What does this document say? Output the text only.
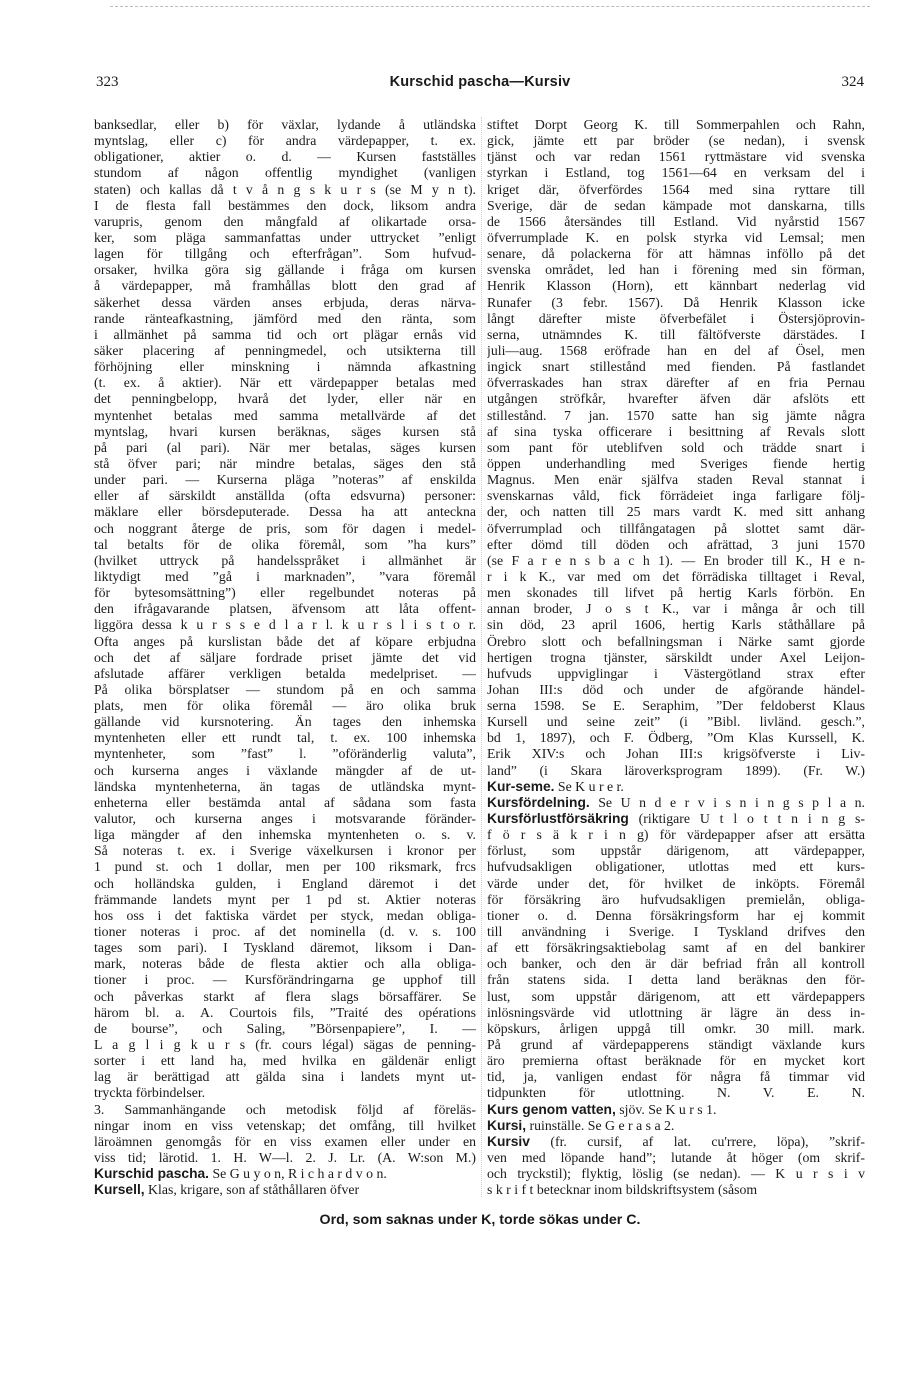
323	Kurschid pascha—Kursiv	324
banksedlar, eller b) för växlar, lydande å utländska
myntslag, eller c) för andra värdepapper, t. ex.
obligationer, aktier o. d. — Kursen fastställes
stundom af någon offentlig myndighet (vanligen
staten) och kallas då t v å n g s k u r s (se M y n t).
I de flesta fall bestämmes den dock, liksom andra
varupris, genom den mångfald af olikartade orsa-
ker, som pläga sammanfattas under uttrycket ”enligt
lagen för tillgång och efterfrågan”. Som hufvud-
orsaker, hvilka göra sig gällande i fråga om kursen
å värdepapper, må framhållas blott den grad af
säkerhet dessa värden anses erbjuda, deras närva-
rande ränteafkastning, jämförd med den ränta, som
i allmänhet på samma tid och ort plägar ernås vid
säker placering af penningmedel, och utsikterna till
förhöjning eller minskning i nämnda afkastning
(t. ex. å aktier). När ett värdepapper betalas med
det penningbelopp, hvarå det lyder, eller när en
myntenhet betalas med samma metallvärde af det
myntslag, hvari kursen beräknas, säges kursen stå
på pari (al pari). När mer betalas, säges kursen
stå öfver pari; när mindre betalas, säges den stå
under pari. — Kurserna pläga ”noteras” af enskilda
eller af särskildt anställda (ofta edsvurna) personer:
mäklare eller börsdeputerade. Dessa ha att anteckna
och noggrant återge de pris, som för dagen i medel-
tal betalts för de olika föremål, som ”ha kurs”
(hvilket uttryck på handelsspråket i allmänhet är
liktydigt med ”gå i marknaden”, ”vara föremål
för bytesomsättning”) eller regelbundet noteras på
den ifrågavarande platsen, äfvensom att låta offent-
liggöra dessa k u r s s e d l a r l. k u r s l i s t o r.
Ofta anges på kurslistan både det af köpare erbjudna
och det af säljare fordrade priset jämte det vid
afslutade affärer verkligen betalda medelpriset. —
På olika börsplatser — stundom på en och samma
plats, men för olika föremål — äro olika bruk
gällande vid kursnotering. Än tages den inhemska
myntenheten eller ett rundt tal, t. ex. 100 inhemska
myntenheter, som ”fast” l. ”oföränderlig valuta”,
och kurserna anges i växlande mängder af de ut-
ländska myntenheterna, än tagas de utländska mynt-
enheterna eller bestämda antal af sådana som fasta
valutor, och kurserna anges i motsvarande föränder-
liga mängder af den inhemska myntenheten o. s. v.
Så noteras t. ex. i Sverige växelkursen i kronor per
1 pund st. och 1 dollar, men per 100 riksmark, frcs
och holländska gulden, i England däremot i det
främmande landets mynt per 1 pd st. Aktier noteras
hos oss i det faktiska värdet per styck, medan obliga-
tioner noteras i proc. af det nominella (d. v. s. 100
tages som pari). I Tyskland däremot, liksom i Dan-
mark, noteras både de flesta aktier och alla obliga-
tioner i proc. — Kursförändringarna ge upphof till
och påverkas starkt af flera slags börsaffärer. Se
härom bl. a. A. Courtois fils, ”Traité des opérations
de bourse”, och Saling, ”Börsenpapiere”, I. —
L a g l i g k u r s (fr. cours légal) sägas de penning-
sorter i ett land ha, med hvilka en gäldenär enligt
lag är berättigad att gälda sina i landets mynt ut-
tryckta förbindelser.
3. Sammanhängande och metodisk följd af föreläs-
ningar inom en viss vetenskap; det omfång, till hvilket
läroämnen genomgås för en viss examen eller under en
viss tid; lärotid. 1. H. W—l. 2. J. Lr. (A. W:son M.)
Kurschid pascha. Se G u y o n, R i c h a r d v o n.
Kursell, Klas, krigare, son af ståthållaren öfver
stiftet Dorpt Georg K. till Sommerpahlen och Rahn,
gick, jämte ett par bröder (se nedan), i svensk
tjänst och var redan 1561 ryttmästare vid svenska
styrkan i Estland, tog 1561—64 en verksam del i
kriget där, öfverfördes 1564 med sina ryttare till
Sverige, där de sedan kämpade mot danskarna, tills
de 1566 återsändes till Estland. Vid nyårstid 1567
öfverrumplade K. en polsk styrka vid Lemsal; men
senare, då polackerna för att hämnas inföllo på det
svenska området, led han i förening med sin förman,
Henrik Klasson (Horn), ett kännbart nederlag vid
Runafer (3 febr. 1567). Då Henrik Klasson icke
långt därefter miste öfverbefälet i Östersjöprovin-
serna, utnämndes K. till fältöfverste därstädes. I
juli—aug. 1568 eröfrade han en del af Ösel, men
ingick snart stillestånd med fienden. På fastlandet
öfverraskades han strax därefter af en fria Pernau
utgången ströfkår, hvarefter äfven där afslöts ett
stillestånd. 7 jan. 1570 satte han sig jämte några
af sina tyska officerare i besittning af Revals slott
som pant för uteblifven sold och trädde snart i
öppen underhandling med Sveriges fiende hertig
Magnus. Men enär själfva staden Reval stannat i
svenskarnas våld, fick förrädeiet inga farligare följ-
der, och natten till 25 mars vardt K. med sitt anhang
öfverrumplad och tillfångatagen på slottet samt där-
efter dömd till döden och afrättad, 3 juni 1570
(se F a r e n s b a c h 1). — En broder till K., H e n-
r i k K., var med om det förrädiska tilltaget i Reval,
men skonades till lifvet på hertig Karls förbön. En
annan broder, J o s t K., var i många år och till
sin död, 23 april 1606, hertig Karls ståthållare på
Örebro slott och befallningsman i Närke samt gjorde
hertigen trogna tjänster, särskildt under Axel Leijon-
hufvuds uppviglingar i Västergötland strax efter
Johan III:s död och under de afgörande händel-
serna 1598. Se E. Seraphim, ”Der feldoberst Klaus
Kursell und seine zeit” (i ”Bibl. livländ. gesch.”,
bd 1, 1897), och F. Ödberg, ”Om Klas Kurssell, K.
Erik XIV:s och Johan III:s krigsöfverste i Liv-
land” (i Skara läroverksprogram 1899). (Fr. W.)
Kur-seme. Se K u r e r.
Kursfördelning. Se U n d e r v i s n i n g s p l a n.
Kursförlustförsäkring (riktigare U t l o t t n i n g s-
f ö r s ä k r i n g) för värdepapper afser att ersätta
förlust, som uppstår därigenom, att värdepapper,
hufvudsakligen obligationer, utlottas med ett kurs-
värde under det, för hvilket de inköpts. Föremål
för försäkring äro hufvudsakligen premielån, obliga-
tioner o. d. Denna försäkringsform har ej kommit
till användning i Sverige. I Tyskland drifves den
af ett försäkringsaktiebolag samt af en del bankirer
och banker, och den är där befriad från all kontroll
från statens sida. I detta land beräknas den för-
lust, som uppstår därigenom, att ett värdepappers
inlösningsvärde vid utlottning är lägre än dess in-
köpskurs, årligen uppgå till omkr. 30 mill. mark.
På grund af värdepapperens ständigt växlande kurs
äro premierna oftast beräknade för en mycket kort
tid, ja, vanligen endast för några få timmar vid
tidpunkten för utlottning. N. V. E. N.
Kurs genom vatten, sjöv. Se K u r s 1.
Kursi, ruinställe. Se G e r a s a 2.
Kursiv (fr. cursif, af lat. cu'rrere, löpa), ”skrif-
ven med löpande hand”; lutande åt höger (om skrif-
och tryckstil); flyktig, löslig (se nedan). — K u r s i v
s k r i f t betecknar inom bildskriftsystem (såsom
Ord, som saknas under K, torde sökas under C.
